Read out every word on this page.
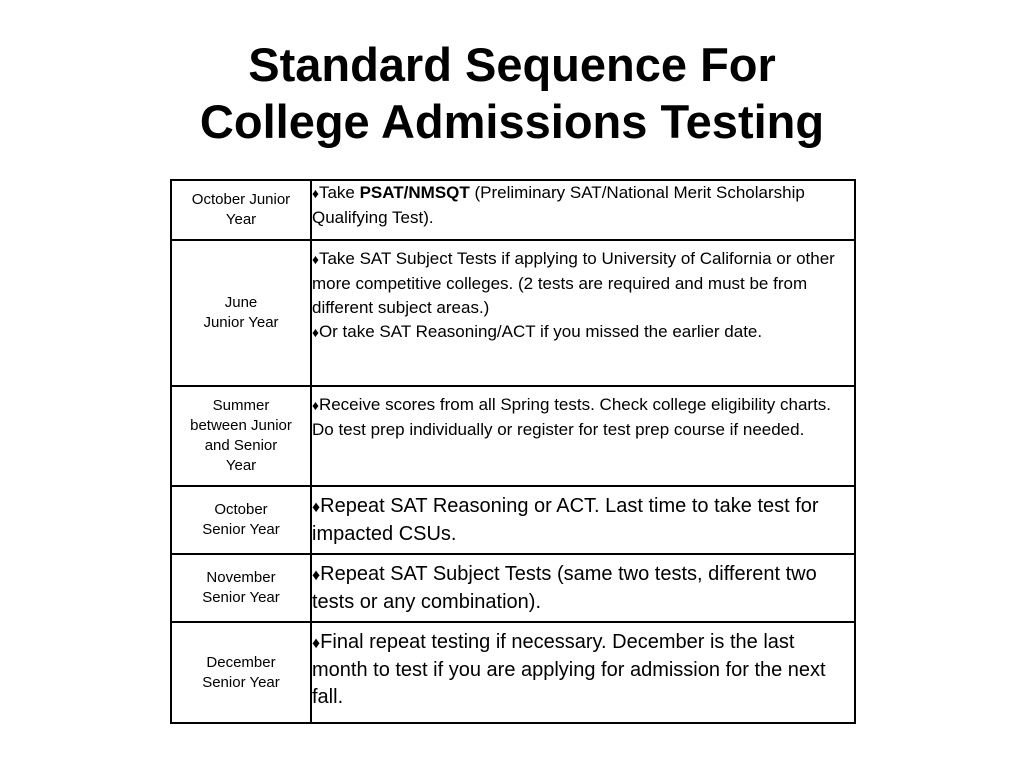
Standard Sequence For
College Admissions Testing
October Junior
Year	♦Take PSAT/NMSQT (Preliminary SAT/National Merit Scholarship Qualifying Test).

June
Junior Year	♦Take SAT Subject Tests if applying to University of California or other more competitive colleges. (2 tests are required and must be from different subject areas.)
♦Or take SAT Reasoning/ACT if you missed the earlier date.

Summer
between Junior
and Senior
Year	♦Receive scores from all Spring tests. Check college eligibility charts. Do test prep individually or register for test prep course if needed.

October
Senior Year	♦Repeat SAT Reasoning or ACT. Last time to take test for impacted CSUs.

November
Senior Year	♦Repeat SAT Subject Tests (same two tests, different two tests or any combination).

December
Senior Year	♦Final repeat testing if necessary. December is the last month to test if you are applying for admission for the next fall.
